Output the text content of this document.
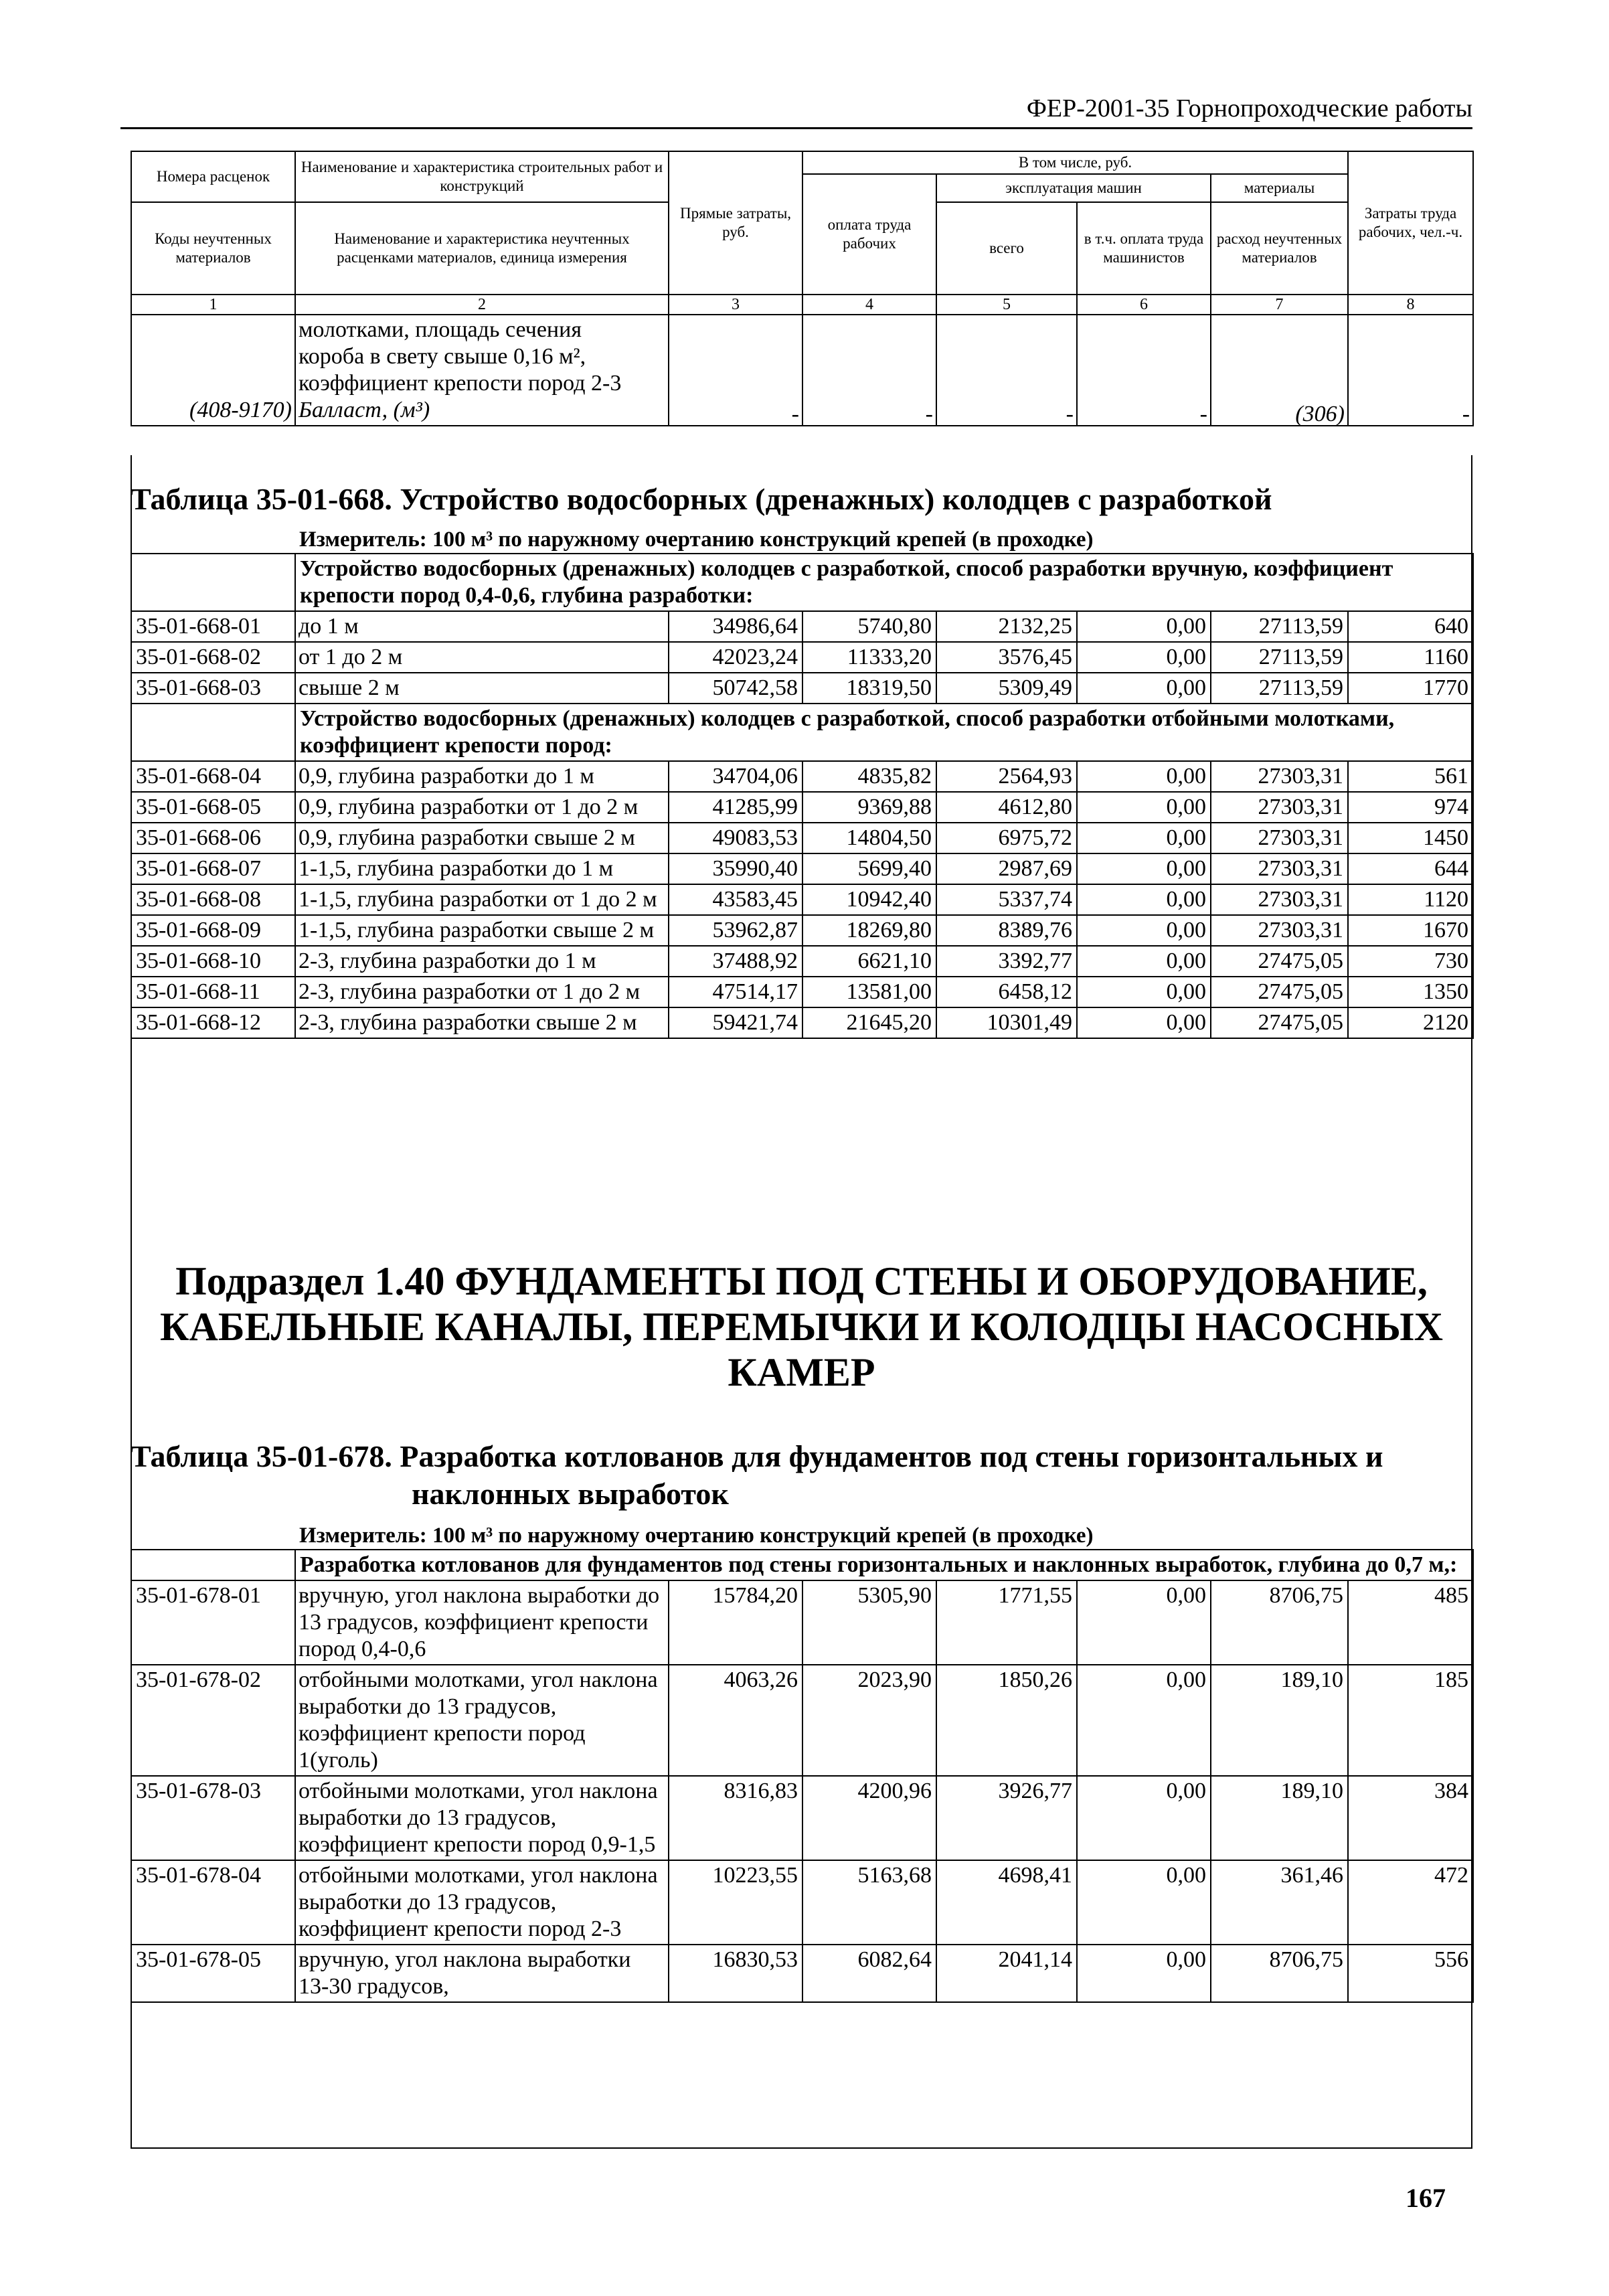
ФЕР-2001-35 Горнопроходческие работы
Номера расценок	Наименование и характеристика строительных работ и конструкций	Прямые затраты, руб.	В том числе, руб.				Затраты труда рабочих, чел.-ч.
			оплата труда рабочих	эксплуатация машин		материалы	
Коды неучтенных материалов	Наименование и характеристика неучтенных расценками материалов, единица измерения			всего	в т.ч. оплата труда машинистов	расход неучтенных материалов	

1	2	3	4	5	6	7	8
(408-9170)	молотками, площадь сечения
короба в свету свыше 0,16 м², коэффициент крепости пород 2-3
Балласт, (м³)	-	-	-	-	(306)	-
Таблица 35-01-668. Устройство водосборных (дренажных) колодцев с разработкой
Измеритель: 100 м³ по наружному очертанию конструкций крепей (в проходке)
	Устройство водосборных (дренажных) колодцев с разработкой, способ разработки вручную, коэффициент крепости пород 0,4-0,6, глубина разработки:						
35-01-668-01	до 1 м	34986,64	5740,80	2132,25	0,00	27113,59	640
35-01-668-02	от 1 до 2 м	42023,24	11333,20	3576,45	0,00	27113,59	1160
35-01-668-03	свыше 2 м	50742,58	18319,50	5309,49	0,00	27113,59	1770
	Устройство водосборных (дренажных) колодцев с разработкой, способ разработки отбойными молотками, коэффициент крепости пород:						
35-01-668-04	0,9, глубина разработки до 1 м	34704,06	4835,82	2564,93	0,00	27303,31	561
35-01-668-05	0,9, глубина разработки от 1 до 2 м	41285,99	9369,88	4612,80	0,00	27303,31	974
35-01-668-06	0,9, глубина разработки свыше 2 м	49083,53	14804,50	6975,72	0,00	27303,31	1450
35-01-668-07	1-1,5, глубина разработки до 1 м	35990,40	5699,40	2987,69	0,00	27303,31	644
35-01-668-08	1-1,5, глубина разработки от 1 до 2 м	43583,45	10942,40	5337,74	0,00	27303,31	1120
35-01-668-09	1-1,5, глубина разработки свыше 2 м	53962,87	18269,80	8389,76	0,00	27303,31	1670
35-01-668-10	2-3, глубина разработки до 1 м	37488,92	6621,10	3392,77	0,00	27475,05	730
35-01-668-11	2-3, глубина разработки от 1 до 2 м	47514,17	13581,00	6458,12	0,00	27475,05	1350
35-01-668-12	2-3, глубина разработки свыше 2 м	59421,74	21645,20	10301,49	0,00	27475,05	2120
Подраздел 1.40 ФУНДАМЕНТЫ ПОД СТЕНЫ И ОБОРУДОВАНИЕ,
КАБЕЛЬНЫЕ КАНАЛЫ, ПЕРЕМЫЧКИ И КОЛОДЦЫ НАСОСНЫХ
КАМЕР
Таблица 35-01-678. Разработка котлованов для фундаментов под стены горизонтальных и
наклонных выработок
Измеритель: 100 м³ по наружному очертанию конструкций крепей (в проходке)
	Разработка котлованов для фундаментов под стены горизонтальных и наклонных выработок, глубина до 0,7 м,:						
35-01-678-01	вручную, угол наклона выработки до 13 градусов, коэффициент крепости пород 0,4-0,6	15784,20	5305,90	1771,55	0,00	8706,75	485
35-01-678-02	отбойными молотками, угол наклона выработки до 13 градусов, коэффициент крепости пород 1(уголь)	4063,26	2023,90	1850,26	0,00	189,10	185
35-01-678-03	отбойными молотками, угол наклона выработки до 13 градусов, коэффициент крепости пород 0,9-1,5	8316,83	4200,96	3926,77	0,00	189,10	384
35-01-678-04	отбойными молотками, угол наклона выработки до 13 градусов, коэффициент крепости пород 2-3	10223,55	5163,68	4698,41	0,00	361,46	472
35-01-678-05	вручную, угол наклона выработки 13-30 градусов,	16830,53	6082,64	2041,14	0,00	8706,75	556
167
